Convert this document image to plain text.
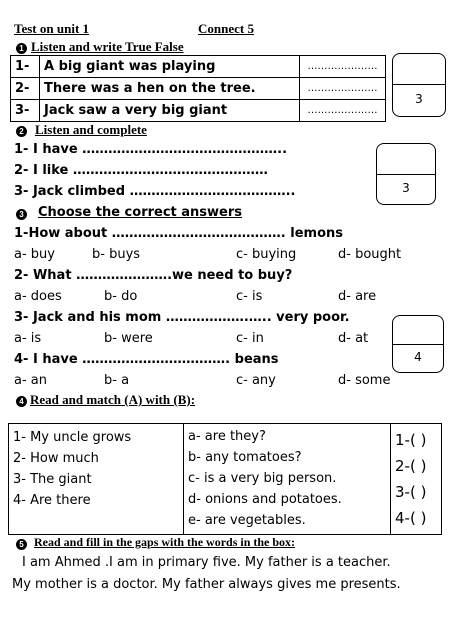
Test on unit 1	Connect 5
1 Listen and write True False
1-	A big giant was playing	…………………
2-	There was a hen on the tree.	…………………
3-	Jack saw a very big giant	…………………
3
2 Listen and complete
1- I have ………………………………………..
2- I like ………………………………………
3- Jack climbed ………………………………..	3
3 Choose the correct answers
1-How about …………………………………. lemons
a- buy	b- buys	c- buying	d- bought
2- What ………………….we need to buy?
a- does	b- do	c- is	d- are
3- Jack and his mom ……………….….. very poor.
a- is	b- were	c- in	d- at
4- I have ……………………………. beans
a- an	b- a	c- any	d- some
4
4 Read and match (A) with (B):
1- My uncle grows
2- How much
3- The giant
4- Are there

a- are they?
b- any tomatoes?
c- is a very big person.
d- onions and potatoes.
e- are vegetables.

1-( )
2-( )
3-( )
4-( )
5 Read and fill in the gaps with the words in the box:
I am Ahmed .I am in primary five. My father is a teacher.
My mother is a doctor. My father always gives me presents.
